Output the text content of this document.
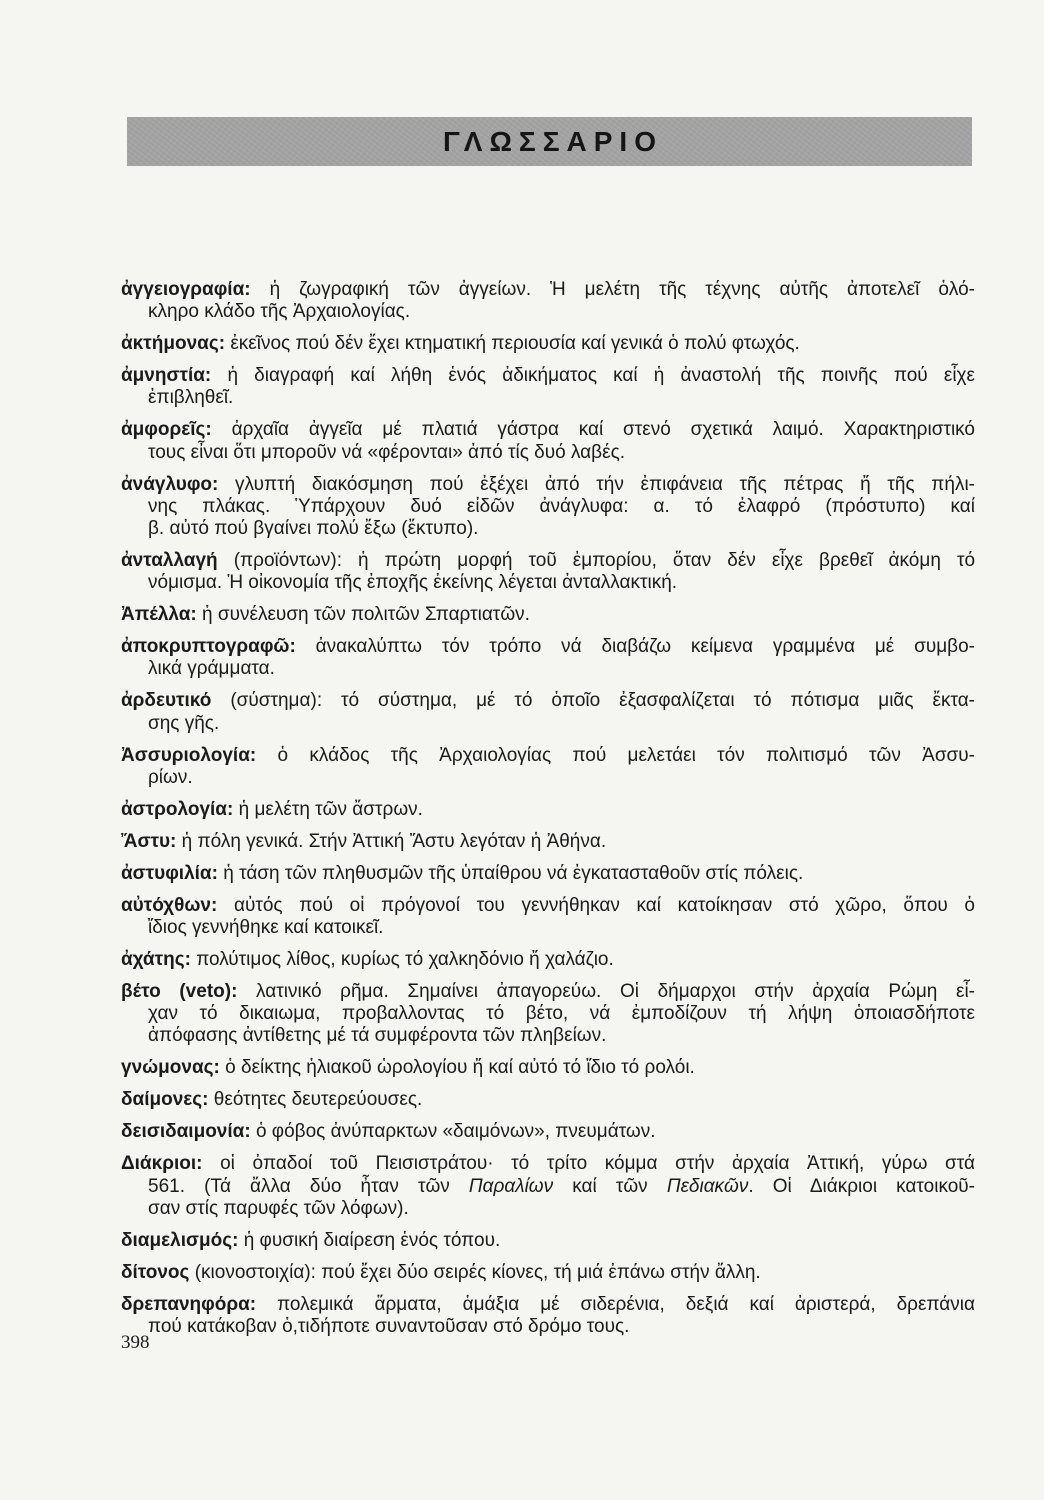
ΓΛΩΣΣΑΡΙΟ
ἀγγειογραφία: ἡ ζωγραφική τῶν ἀγγείων. Ἡ μελέτη τῆς τέχνης αὐτῆς ἀποτελεῖ ὁλό-
κληρο κλάδο τῆς Ἀρχαιολογίας.
ἀκτήμονας: ἐκεῖνος πού δέν ἔχει κτηματική περιουσία καί γενικά ὁ πολύ φτωχός.
ἀμνηστία: ἡ διαγραφή καί λήθη ἑνός ἀδικήματος καί ἡ ἀναστολή τῆς ποινῆς πού εἶχε
ἐπιβληθεῖ.
ἀμφορεῖς: ἀρχαῖα ἀγγεῖα μέ πλατιά γάστρα καί στενό σχετικά λαιμό. Χαρακτηριστικό
τους εἶναι ὅτι μποροῦν νά «φέρονται» ἀπό τίς δυό λαβές.
ἀνάγλυφο: γλυπτή διακόσμηση πού ἐξέχει ἀπό τήν ἐπιφάνεια τῆς πέτρας ἤ τῆς πήλι-
νης πλάκας. Ὑπάρχουν δυό εἰδῶν ἀνάγλυφα: α. τό ἐλαφρό (πρόστυπο) καί
β. αὐτό πού βγαίνει πολύ ἔξω (ἔκτυπο).
ἀνταλλαγή (προϊόντων): ἡ πρώτη μορφή τοῦ ἐμπορίου, ὅταν δέν εἶχε βρεθεῖ ἀκόμη τό
νόμισμα. Ἡ οἰκονομία τῆς ἐποχῆς ἐκείνης λέγεται ἀνταλλακτική.
Ἀπέλλα: ἡ συνέλευση τῶν πολιτῶν Σπαρτιατῶν.
ἀποκρυπτογραφῶ: ἀνακαλύπτω τόν τρόπο νά διαβάζω κείμενα γραμμένα μέ συμβο-
λικά γράμματα.
ἀρδευτικό (σύστημα): τό σύστημα, μέ τό ὁποῖο ἐξασφαλίζεται τό πότισμα μιᾶς ἔκτα-
σης γῆς.
Ἀσσυριολογία: ὁ κλάδος τῆς Ἀρχαιολογίας πού μελετάει τόν πολιτισμό τῶν Ἀσσυ-
ρίων.
ἀστρολογία: ἡ μελέτη τῶν ἄστρων.
Ἄστυ: ἡ πόλη γενικά. Στήν Ἀττική Ἄστυ λεγόταν ἡ Ἀθήνα.
ἀστυφιλία: ἡ τάση τῶν πληθυσμῶν τῆς ὑπαίθρου νά ἐγκατασταθοῦν στίς πόλεις.
αὐτόχθων: αὐτός πού οἱ πρόγονοί του γεννήθηκαν καί κατοίκησαν στό χῶρο, ὅπου ὁ
ἴδιος γεννήθηκε καί κατοικεῖ.
ἀχάτης: πολύτιμος λίθος, κυρίως τό χαλκηδόνιο ἤ χαλάζιο.
βέτο (veto): λατινικό ρῆμα. Σημαίνει ἀπαγορεύω. Οἱ δήμαρχοι στήν ἀρχαία Ρώμη εἶ-
χαν τό δικαιωμα, προβαλλοντας τό βέτο, νά ἐμποδίζουν τή λήψη ὁποιασδήποτε
ἀπόφασης ἀντίθετης μέ τά συμφέροντα τῶν πληβείων.
γνώμονας: ὁ δείκτης ἡλιακοῦ ὡρολογίου ἤ καί αὐτό τό ἴδιο τό ρολόι.
δαίμονες: θεότητες δευτερεύουσες.
δεισιδαιμονία: ὁ φόβος ἀνύπαρκτων «δαιμόνων», πνευμάτων.
Διάκριοι: οἱ ὀπαδοί τοῦ Πεισιστράτου· τό τρίτο κόμμα στήν ἀρχαία Ἀττική, γύρω στά
561. (Τά ἄλλα δύο ἦταν τῶν Παραλίων καί τῶν Πεδιακῶν. Οἱ Διάκριοι κατοικοῦ-
σαν στίς παρυφές τῶν λόφων).
διαμελισμός: ἡ φυσική διαίρεση ἑνός τόπου.
δίτονος (κιονοστοιχία): πού ἔχει δύο σειρές κίονες, τή μιά ἐπάνω στήν ἄλλη.
δρεπανηφόρα: πολεμικά ἅρματα, ἁμάξια μέ σιδερένια, δεξιά καί ἀριστερά, δρεπάνια
πού κατάκοβαν ὁ,τιδήποτε συναντοῦσαν στό δρόμο τους.
398
